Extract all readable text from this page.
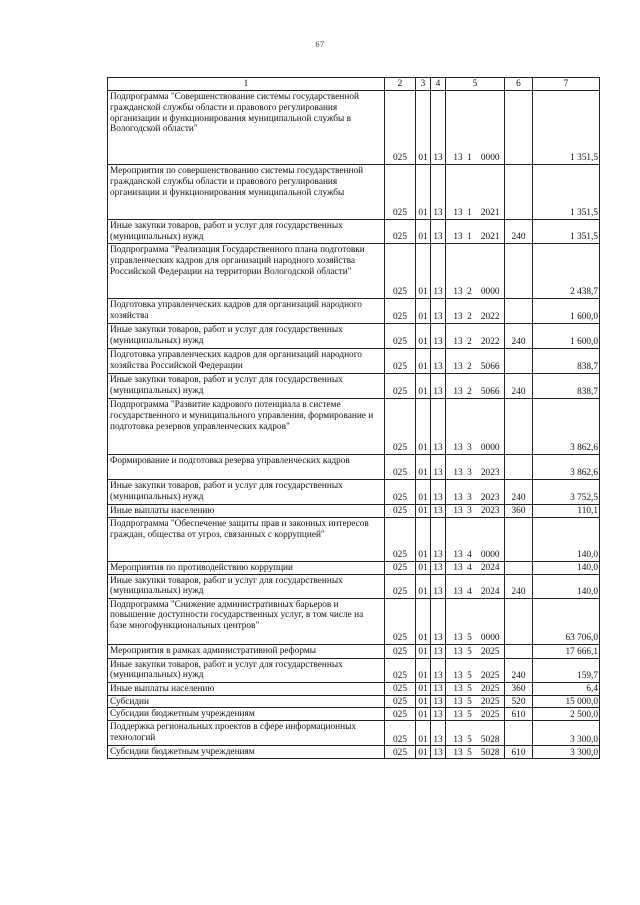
67
1	2	3	4	5	6	7
Подпрограмма "Совершенствование системы государственной гражданской службы области и правового регулирования организации и функционирования муниципальной службы в Вологодской области"	025	01	13	13 1 0000		1 351,5
Мероприятия по совершенствованию системы государственной гражданской службы области и правового регулирования организации и функционирования муниципальной службы	025	01	13	13 1 2021		1 351,5
Иные закупки товаров, работ и услуг для государственных (муниципальных) нужд	025	01	13	13 1 2021	240	1 351,5
Подпрограмма "Реализация Государственного плана подготовки управленческих кадров для организаций народного хозяйства Российской Федерации на территории Вологодской области"	025	01	13	13 2 0000		2 438,7
Подготовка управленческих кадров для организаций народного хозяйства	025	01	13	13 2 2022		1 600,0
Иные закупки товаров, работ и услуг для государственных (муниципальных) нужд	025	01	13	13 2 2022	240	1 600,0
Подготовка управленческих кадров для организаций народного хозяйства Российской Федерации	025	01	13	13 2 5066		838,7
Иные закупки товаров, работ и услуг для государственных (муниципальных) нужд	025	01	13	13 2 5066	240	838,7
Подпрограмма "Развитие кадрового потенциала в системе государственного и муниципального управления, формирование и подготовка резервов управленческих кадров"	025	01	13	13 3 0000		3 862,6
Формирование и подготовка резерва управленческих кадров	025	01	13	13 3 2023		3 862,6
Иные закупки товаров, работ и услуг для государственных (муниципальных) нужд	025	01	13	13 3 2023	240	3 752,5
Иные выплаты населению	025	01	13	13 3 2023	360	110,1
Подпрограмма "Обеспечение защиты прав и законных интересов граждан, общества от угроз, связанных с коррупцией"	025	01	13	13 4 0000		140,0
Мероприятия по противодействию коррупции	025	01	13	13 4 2024		140,0
Иные закупки товаров, работ и услуг для государственных (муниципальных) нужд	025	01	13	13 4 2024	240	140,0
Подпрограмма "Снижение административных барьеров и повышение доступности государственных услуг, в том числе на базе многофункциональных центров"	025	01	13	13 5 0000		63 706,0
Мероприятия в рамках административной реформы	025	01	13	13 5 2025		17 666,1
Иные закупки товаров, работ и услуг для государственных (муниципальных) нужд	025	01	13	13 5 2025	240	159,7
Иные выплаты населению	025	01	13	13 5 2025	360	6,4
Субсидии	025	01	13	13 5 2025	520	15 000,0
Субсидии бюджетным учреждениям	025	01	13	13 5 2025	610	2 500,0
Поддержка региональных проектов в сфере информационных технологий	025	01	13	13 5 5028		3 300,0
Субсидии бюджетным учреждениям	025	01	13	13 5 5028	610	3 300,0
